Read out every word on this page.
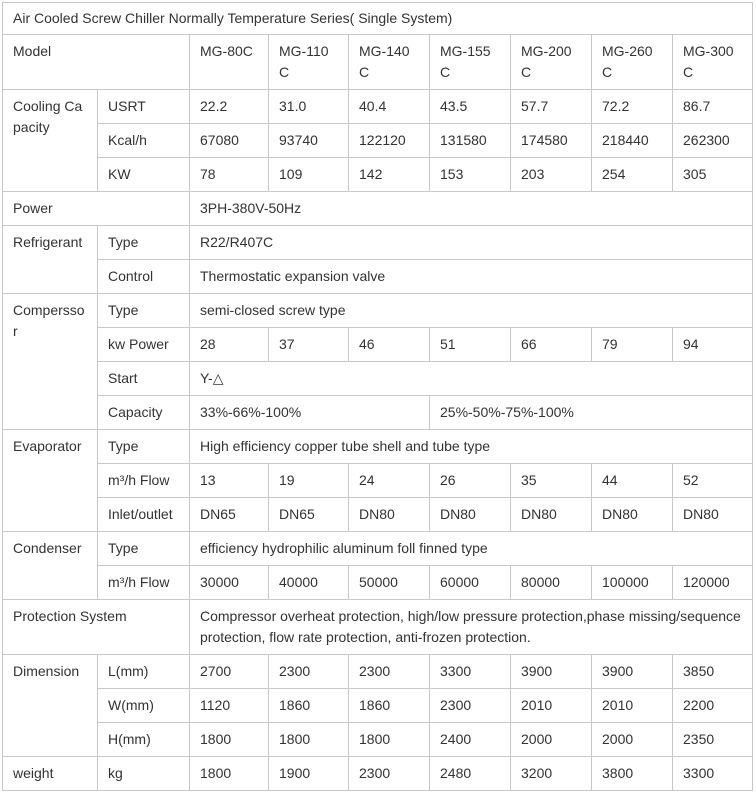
Air Cooled Screw Chiller Normally Temperature Series( Single System)								
Model		MG-80C	MG-110C	MG-140C	MG-155C	MG-200C	MG-260C	MG-300C
Cooling Capacity	USRT	22.2	31.0	40.4	43.5	57.7	72.2	86.7
	Kcal/h	67080	93740	122120	131580	174580	218440	262300
	KW	78	109	142	153	203	254	305
Power		3PH-380V-50Hz						
Refrigerant	Type	R22/R407C						
	Control	Thermostatic expansion valve						
Compersso r	Type	semi-closed screw type						
	kw Power	28	37	46	51	66	79	94
	Start	Y-△						
	Capacity	33%-66%-100%			25%-50%-75%-100%			
Evaporator	Type	High efficiency copper tube shell and tube type						
	m³/h Flow	13	19	24	26	35	44	52
	Inlet/outlet	DN65	DN65	DN80	DN80	DN80	DN80	DN80
Condenser	Type	efficiency hydrophilic aluminum foll finned type						
	m³/h Flow	30000	40000	50000	60000	80000	100000	120000
Protection System		Compressor overheat protection, high/low pressure protection,phase missing/sequence protection, flow rate protection, anti-frozen protection.						
Dimension	L(mm)	2700	2300	2300	3300	3900	3900	3850
	W(mm)	1120	1860	1860	2300	2010	2010	2200
	H(mm)	1800	1800	1800	2400	2000	2000	2350
weight	kg	1800	1900	2300	2480	3200	3800	3300
